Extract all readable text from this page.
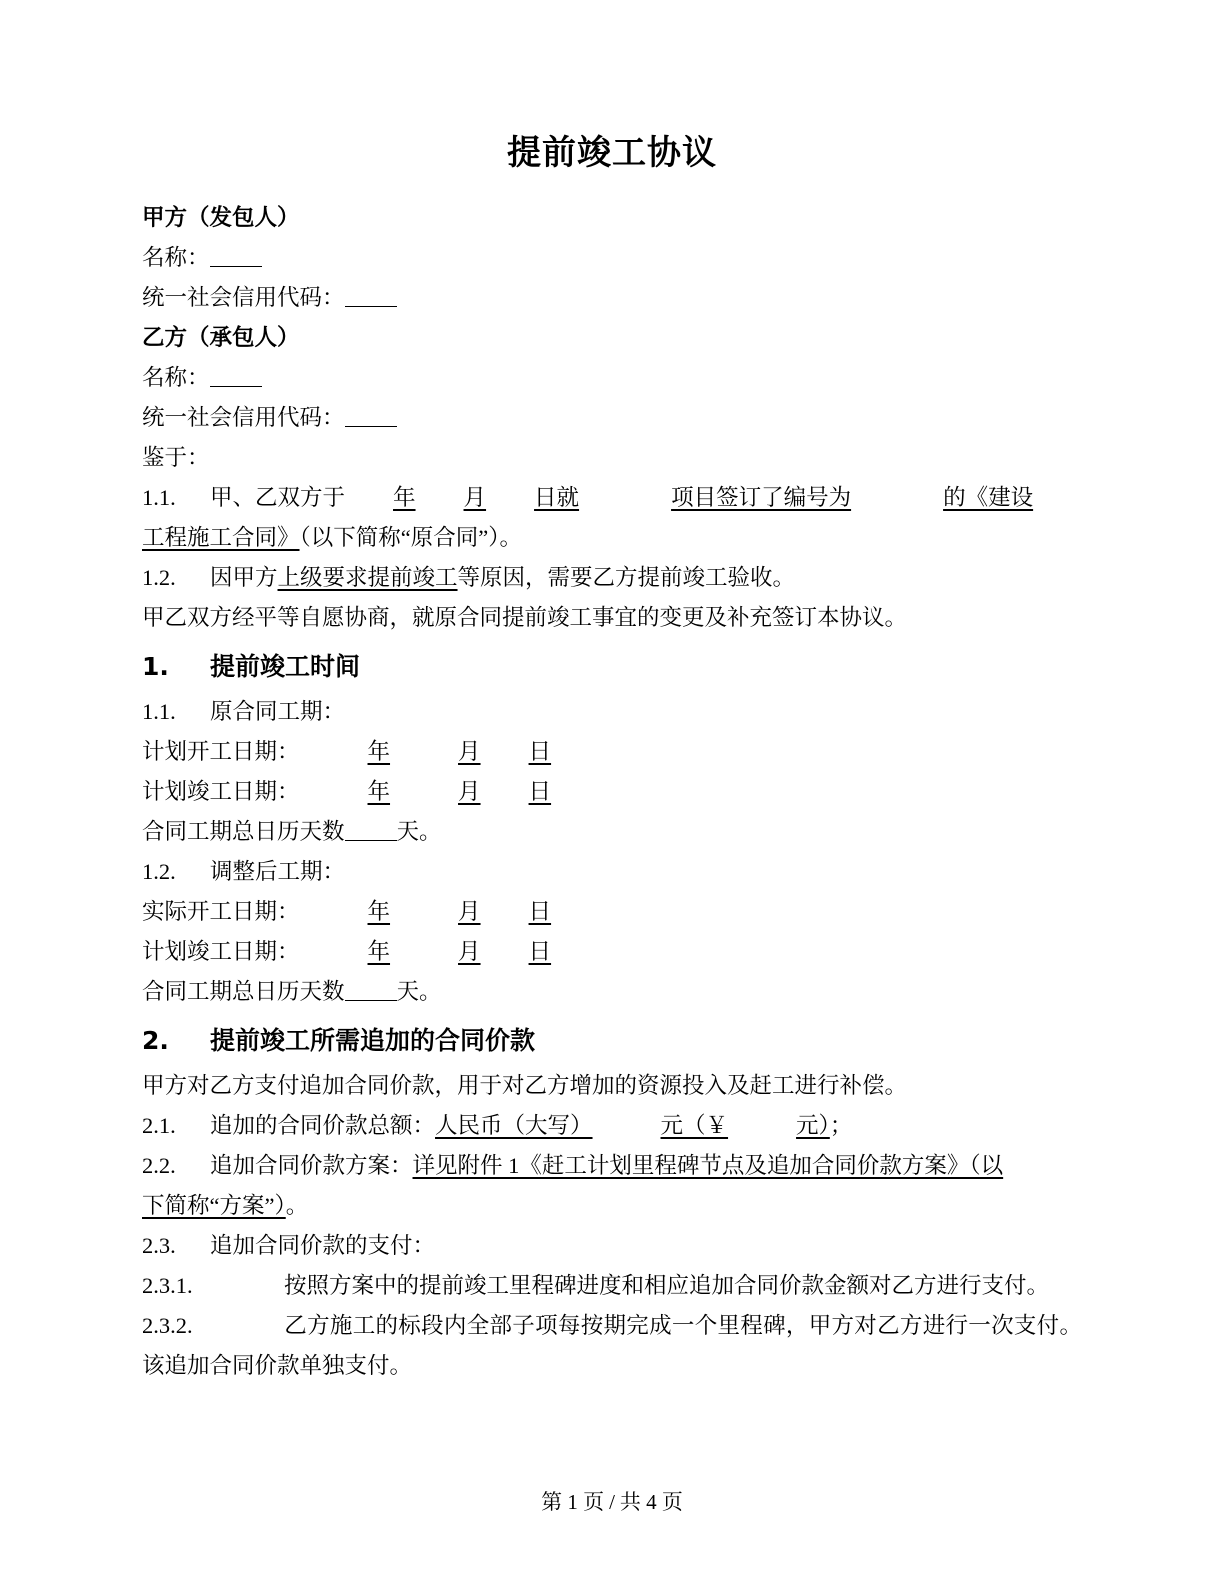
提前竣工协议
甲方（发包人）
名称：
统一社会信用代码：
乙方（承包人）
名称：
统一社会信用代码：
鉴于：
1.1. 甲、乙双方于 年 月 日就	项目签订了编号为	的《建设
工程施工合同》（以下简称“原合同”）。
1.2. 因甲方上级要求提前竣工等原因，需要乙方提前竣工验收。
甲乙双方经平等自愿协商，就原合同提前竣工事宜的变更及补充签订本协议。
1. 提前竣工时间
1.1. 原合同工期：
计划开工日期：	年	月 日
计划竣工日期：	年	月 日
合同工期总日历天数 天。
1.2. 调整后工期：
实际开工日期：	年	月 日
计划竣工日期：	年	月 日
合同工期总日历天数 天。
2. 提前竣工所需追加的合同价款
甲方对乙方支付追加合同价款，用于对乙方增加的资源投入及赶工进行补偿。
2.1. 追加的合同价款总额：人民币（大写）	元（￥	元）；
2.2. 追加合同价款方案：详见附件 1《赶工计划里程碑节点及追加合同价款方案》（以
下简称“方案”）。
2.3. 追加合同价款的支付：
2.3.1.	按照方案中的提前竣工里程碑进度和相应追加合同价款金额对乙方进行支付。
2.3.2.	乙方施工的标段内全部子项每按期完成一个里程碑，甲方对乙方进行一次支付。该追加合同价款单独支付。
第 1 页 / 共 4 页
